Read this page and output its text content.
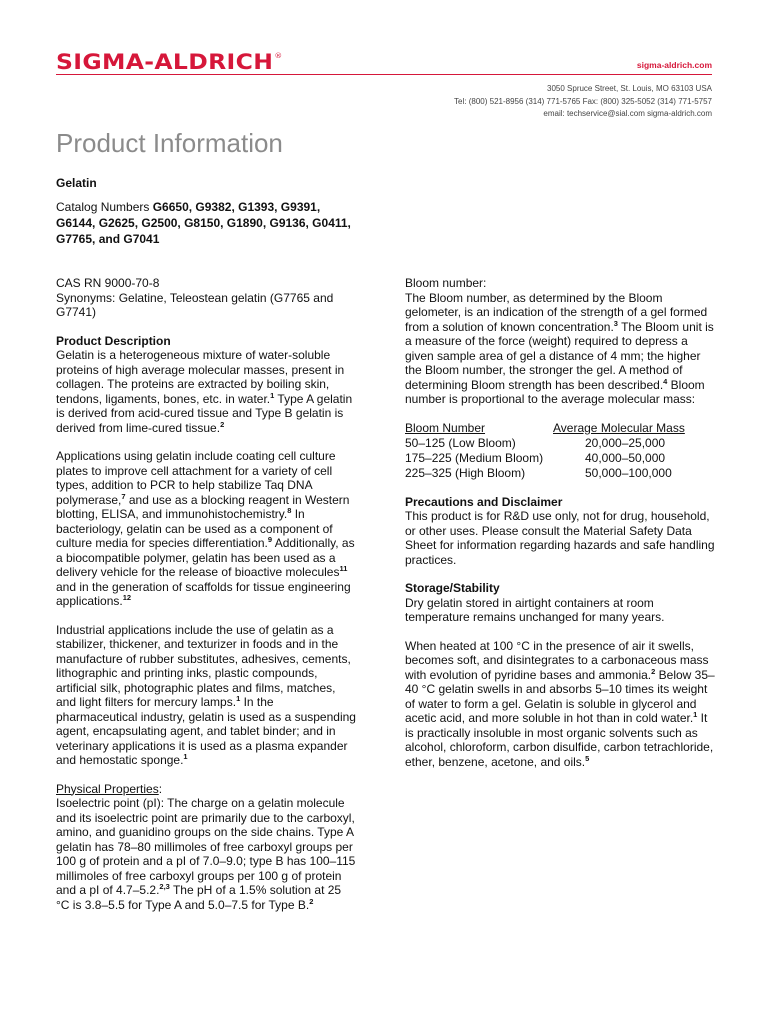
SIGMA-ALDRICH®
sigma-aldrich.com
3050 Spruce Street, St. Louis, MO 63103 USA
Tel: (800) 521-8956 (314) 771-5765 Fax: (800) 325-5052 (314) 771-5757
email: techservice@sial.com sigma-aldrich.com
Product Information
Gelatin
Catalog Numbers G6650, G9382, G1393, G9391, G6144, G2625, G2500, G8150, G1890, G9136, G0411, G7765, and G7041

CAS RN 9000-70-8

Synonyms: Gelatine, Teleostean gelatin (G7765 and G7741)

Product Description

Gelatin is a heterogeneous mixture of water-soluble proteins of high average molecular masses, present in collagen. The proteins are extracted by boiling skin, tendons, ligaments, bones, etc. in water.$^1$ Type A gelatin is derived from acid-cured tissue and Type B gelatin is derived from lime-cured tissue.$^2$

Applications using gelatin include coating cell culture plates to improve cell attachment for a variety of cell types, addition to PCR to help stabilize Taq DNA polymerase,$^7$ and use as a blocking reagent in Western blotting, ELISA, and immunohistochemistry.$^8$ In bacteriology, gelatin can be used as a component of culture media for species differentiation.$^9$ Additionally, as a biocompatible polymer, gelatin has been used as a delivery vehicle for the release of bioactive molecules$^{11}$ and in the generation of scaffolds for tissue engineering applications.$^{12}$

Industrial applications include the use of gelatin as a stabilizer, thickener, and texturizer in foods and in the manufacture of rubber substitutes, adhesives, cements, lithographic and printing inks, plastic compounds, artificial silk, photographic plates and films, matches, and light filters for mercury lamps.$^1$ In the pharmaceutical industry, gelatin is used as a suspending agent, encapsulating agent, and tablet binder; and in veterinary applications it is used as a plasma expander and hemostatic sponge.$^1$

Physical Properties:

Isoelectric point (pI): The charge on a gelatin molecule and its isoelectric point are primarily due to the carboxyl, amino, and guanidino groups on the side chains. Type A gelatin has 78–80 millimoles of free carboxyl groups per 100 g of protein and a pI of 7.0–9.0; type B has 100–115 millimoles of free carboxyl groups per 100 g of protein and a pI of 4.7–5.2.$^{2,3}$ The pH of a 1.5% solution at 25 °C is 3.8–5.5 for Type A and 5.0–7.5 for Type B.$^2$

Bloom number:

The Bloom number, as determined by the Bloom gelometer, is an indication of the strength of a gel formed from a solution of known concentration.$^3$ The Bloom unit is a measure of the force (weight) required to depress a given sample area of gel a distance of 4 mm; the higher the Bloom number, the stronger the gel. A method of determining Bloom strength has been described.$^4$ Bloom number is proportional to the average molecular mass:

Bloom Number	Average Molecular Mass
50–125 (Low Bloom)	20,000–25,000
175–225 (Medium Bloom)	40,000–50,000
225–325 (High Bloom)	50,000–100,000

Precautions and Disclaimer

This product is for R&D use only, not for drug, household, or other uses. Please consult the Material Safety Data Sheet for information regarding hazards and safe handling practices.

Storage/Stability

Dry gelatin stored in airtight containers at room temperature remains unchanged for many years.

When heated at 100 °C in the presence of air it swells, becomes soft, and disintegrates to a carbonaceous mass with evolution of pyridine bases and ammonia.$^2$ Below 35–40 °C gelatin swells in and absorbs 5–10 times its weight of water to form a gel. Gelatin is soluble in glycerol and acetic acid, and more soluble in hot than in cold water.$^1$ It is practically insoluble in most organic solvents such as alcohol, chloroform, carbon disulfide, carbon tetrachloride, ether, benzene, acetone, and oils.$^5$
